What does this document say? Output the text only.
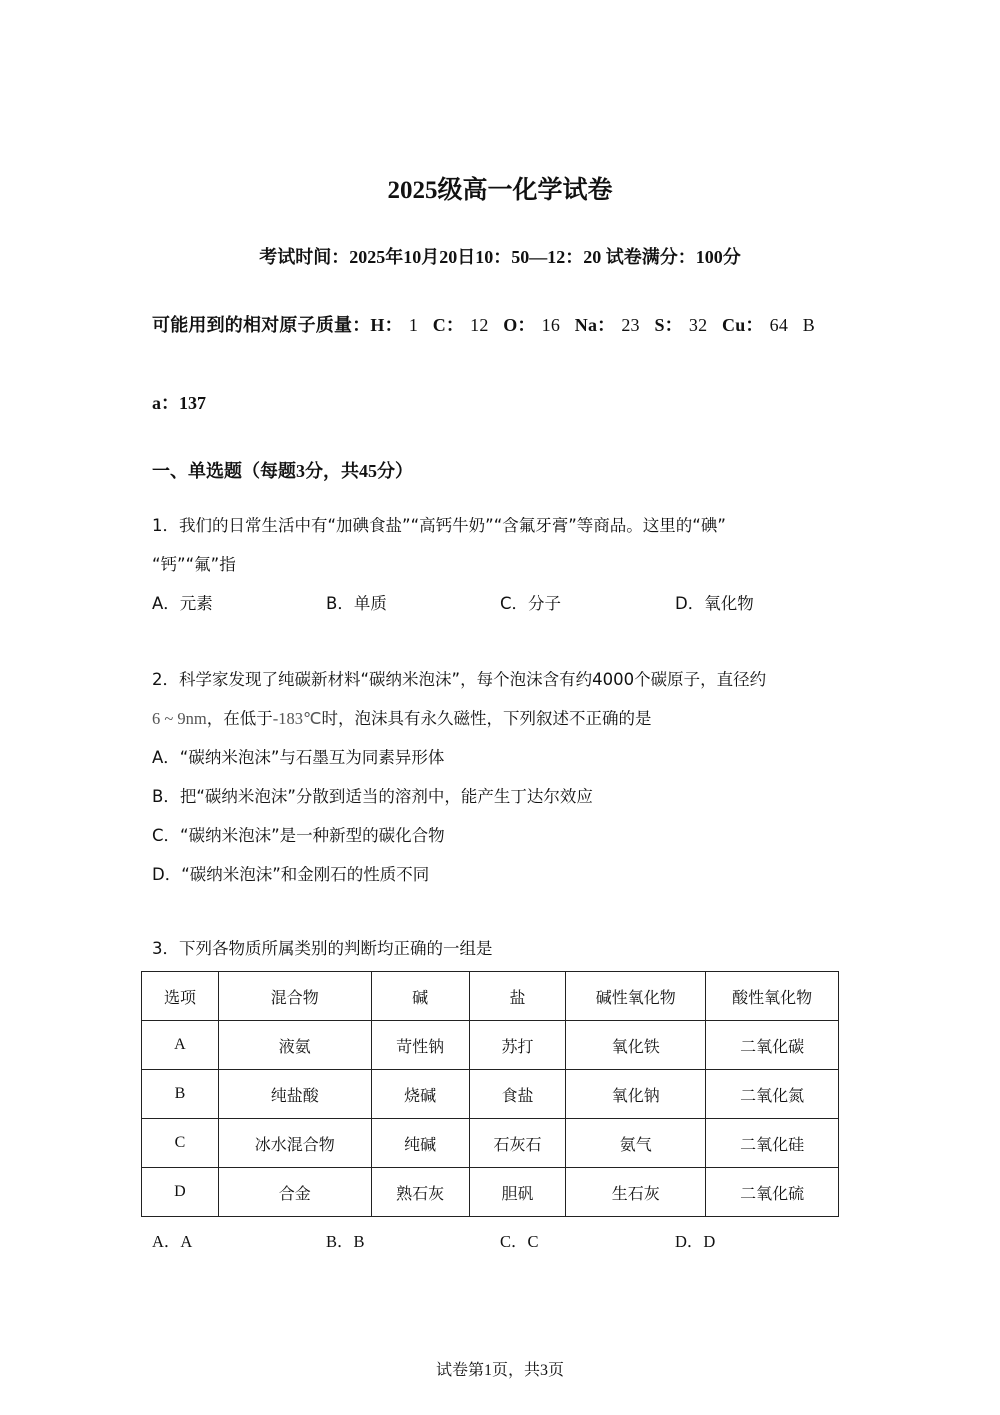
2025级高一化学试卷
考试时间：2025年10月20日10：50—12：20 试卷满分：100分
可能用到的相对原子质量：H： 1 C： 12 O： 16 Na： 23 S： 32 Cu： 64 B
a：137
一、单选题（每题3分，共45分）
1．我们的日常生活中有“加碘食盐”“高钙牛奶”“含氟牙膏”等商品。这里的“碘”
“钙”“氟”指
A．元素	B．单质	C．分子	D．氧化物
2．科学家发现了纯碳新材料“碳纳米泡沫”，每个泡沫含有约4000个碳原子，直径约
6 ~ 9nm，在低于-183℃时，泡沫具有永久磁性，下列叙述不正确的是
A．“碳纳米泡沫”与石墨互为同素异形体
B．把“碳纳米泡沫”分散到适当的溶剂中，能产生丁达尔效应
C．“碳纳米泡沫”是一种新型的碳化合物
D．“碳纳米泡沫”和金刚石的性质不同
3．下列各物质所属类别的判断均正确的一组是
选项	混合物	碱	盐	碱性氧化物	酸性氧化物
A	液氨	苛性钠	苏打	氧化铁	二氧化碳
B	纯盐酸	烧碱	食盐	氧化钠	二氧化氮
C	冰水混合物	纯碱	石灰石	氨气	二氧化硅
D	合金	熟石灰	胆矾	生石灰	二氧化硫
A．A	B．B	C．C	D．D
试卷第1页，共3页
